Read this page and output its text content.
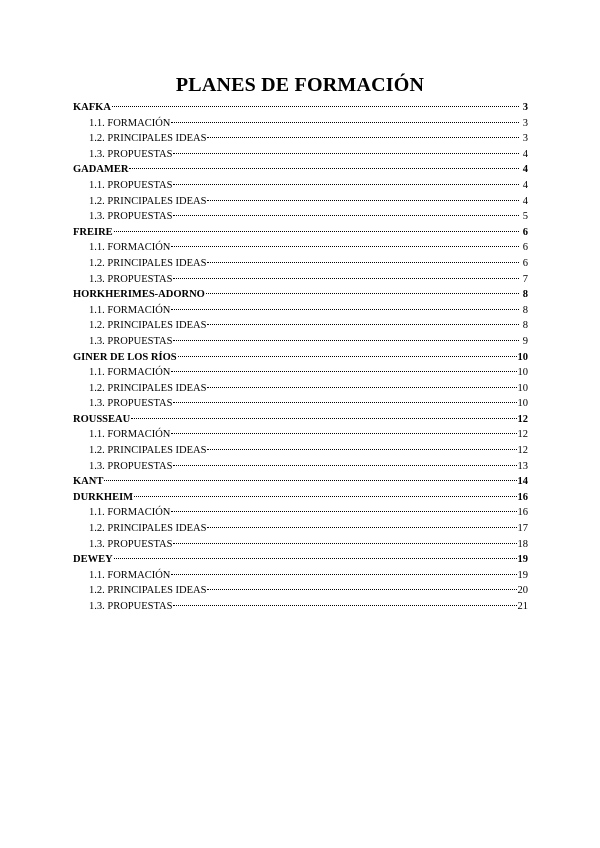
PLANES DE FORMACIÓN
KAFKA	3
1.1. FORMACIÓN	3
1.2. PRINCIPALES IDEAS	3
1.3. PROPUESTAS	4
GADAMER	4
1.1. PROPUESTAS	4
1.2. PRINCIPALES IDEAS	4
1.3. PROPUESTAS	5
FREIRE	6
1.1. FORMACIÓN	6
1.2. PRINCIPALES IDEAS	6
1.3. PROPUESTAS	7
HORKHERIMES-ADORNO	8
1.1. FORMACIÓN	8
1.2. PRINCIPALES IDEAS	8
1.3. PROPUESTAS	9
GINER DE LOS RÍOS	10
1.1. FORMACIÓN	10
1.2. PRINCIPALES IDEAS	10
1.3. PROPUESTAS	10
ROUSSEAU	12
1.1. FORMACIÓN	12
1.2. PRINCIPALES IDEAS	12
1.3. PROPUESTAS	13
KANT	14
DURKHEIM	16
1.1. FORMACIÓN	16
1.2. PRINCIPALES IDEAS	17
1.3. PROPUESTAS	18
DEWEY	19
1.1. FORMACIÓN	19
1.2. PRINCIPALES IDEAS	20
1.3. PROPUESTAS	21
